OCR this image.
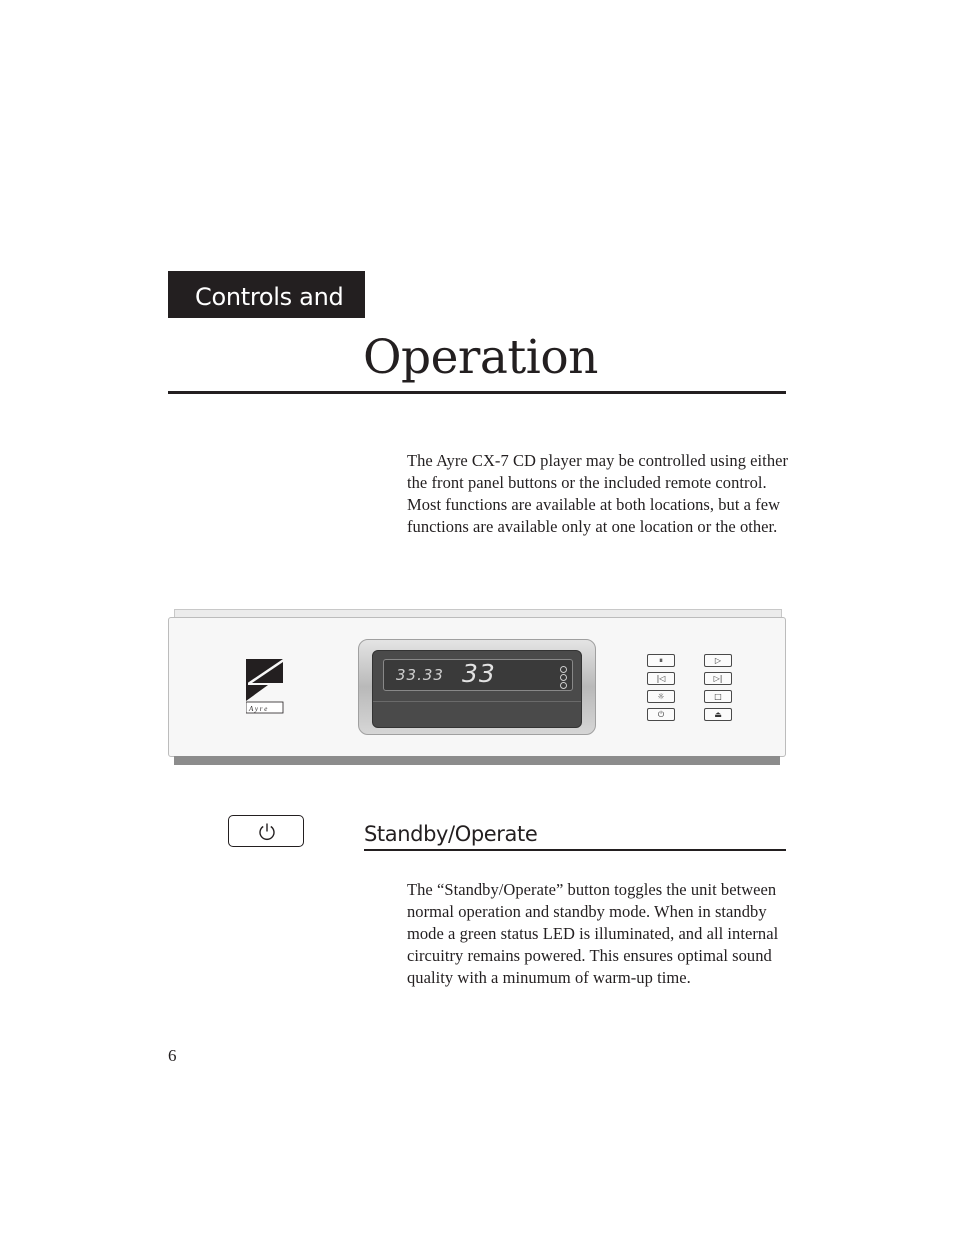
Controls and
Operation

The Ayre CX-7 CD player may be controlled using either the front panel buttons or the included remote control. Most functions are available at both locations, but a few functions are available only at one location or the other.

A y r e
33.33 33	⏸	▷
|◁	▷|
☼	□
⏻	⏏
Standby/Operate

The “Standby/Operate” button toggles the unit between normal operation and standby mode. When in standby mode a green status LED is illuminated, and all internal circuitry remains powered. This ensures optimal sound quality with a minumum of warm-up time.

6
